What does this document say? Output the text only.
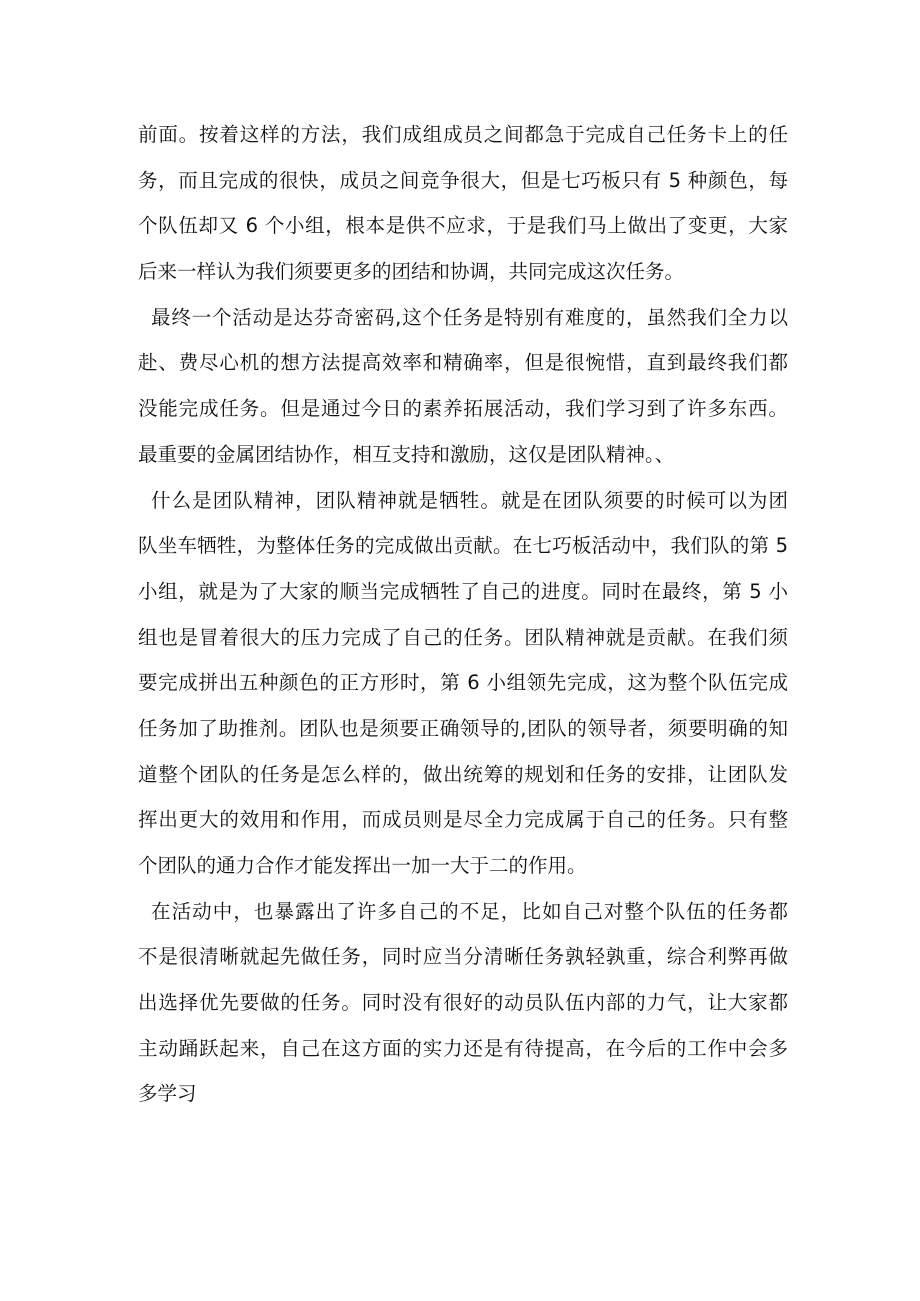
前面。按着这样的方法，我们成组成员之间都急于完成自己任务卡上的任
务，而且完成的很快，成员之间竞争很大，但是七巧板只有 5 种颜色，每
个队伍却又 6 个小组，根本是供不应求，于是我们马上做出了变更，大家
后来一样认为我们须要更多的团结和协调，共同完成这次任务。
最终一个活动是达芬奇密码,这个任务是特别有难度的，虽然我们全力以
赴、费尽心机的想方法提高效率和精确率，但是很惋惜，直到最终我们都
没能完成任务。但是通过今日的素养拓展活动，我们学习到了许多东西。
最重要的金属团结协作，相互支持和激励，这仅是团队精神。、
什么是团队精神，团队精神就是牺牲。就是在团队须要的时候可以为团
队坐车牺牲，为整体任务的完成做出贡献。在七巧板活动中，我们队的第 5
小组，就是为了大家的顺当完成牺牲了自己的进度。同时在最终，第 5 小
组也是冒着很大的压力完成了自己的任务。团队精神就是贡献。在我们须
要完成拼出五种颜色的正方形时，第 6 小组领先完成，这为整个队伍完成
任务加了助推剂。团队也是须要正确领导的,团队的领导者，须要明确的知
道整个团队的任务是怎么样的，做出统筹的规划和任务的安排，让团队发
挥出更大的效用和作用，而成员则是尽全力完成属于自己的任务。只有整
个团队的通力合作才能发挥出一加一大于二的作用。
在活动中，也暴露出了许多自己的不足，比如自己对整个队伍的任务都
不是很清晰就起先做任务，同时应当分清晰任务孰轻孰重，综合利弊再做
出选择优先要做的任务。同时没有很好的动员队伍内部的力气，让大家都
主动踊跃起来，自己在这方面的实力还是有待提高，在今后的工作中会多
多学习
